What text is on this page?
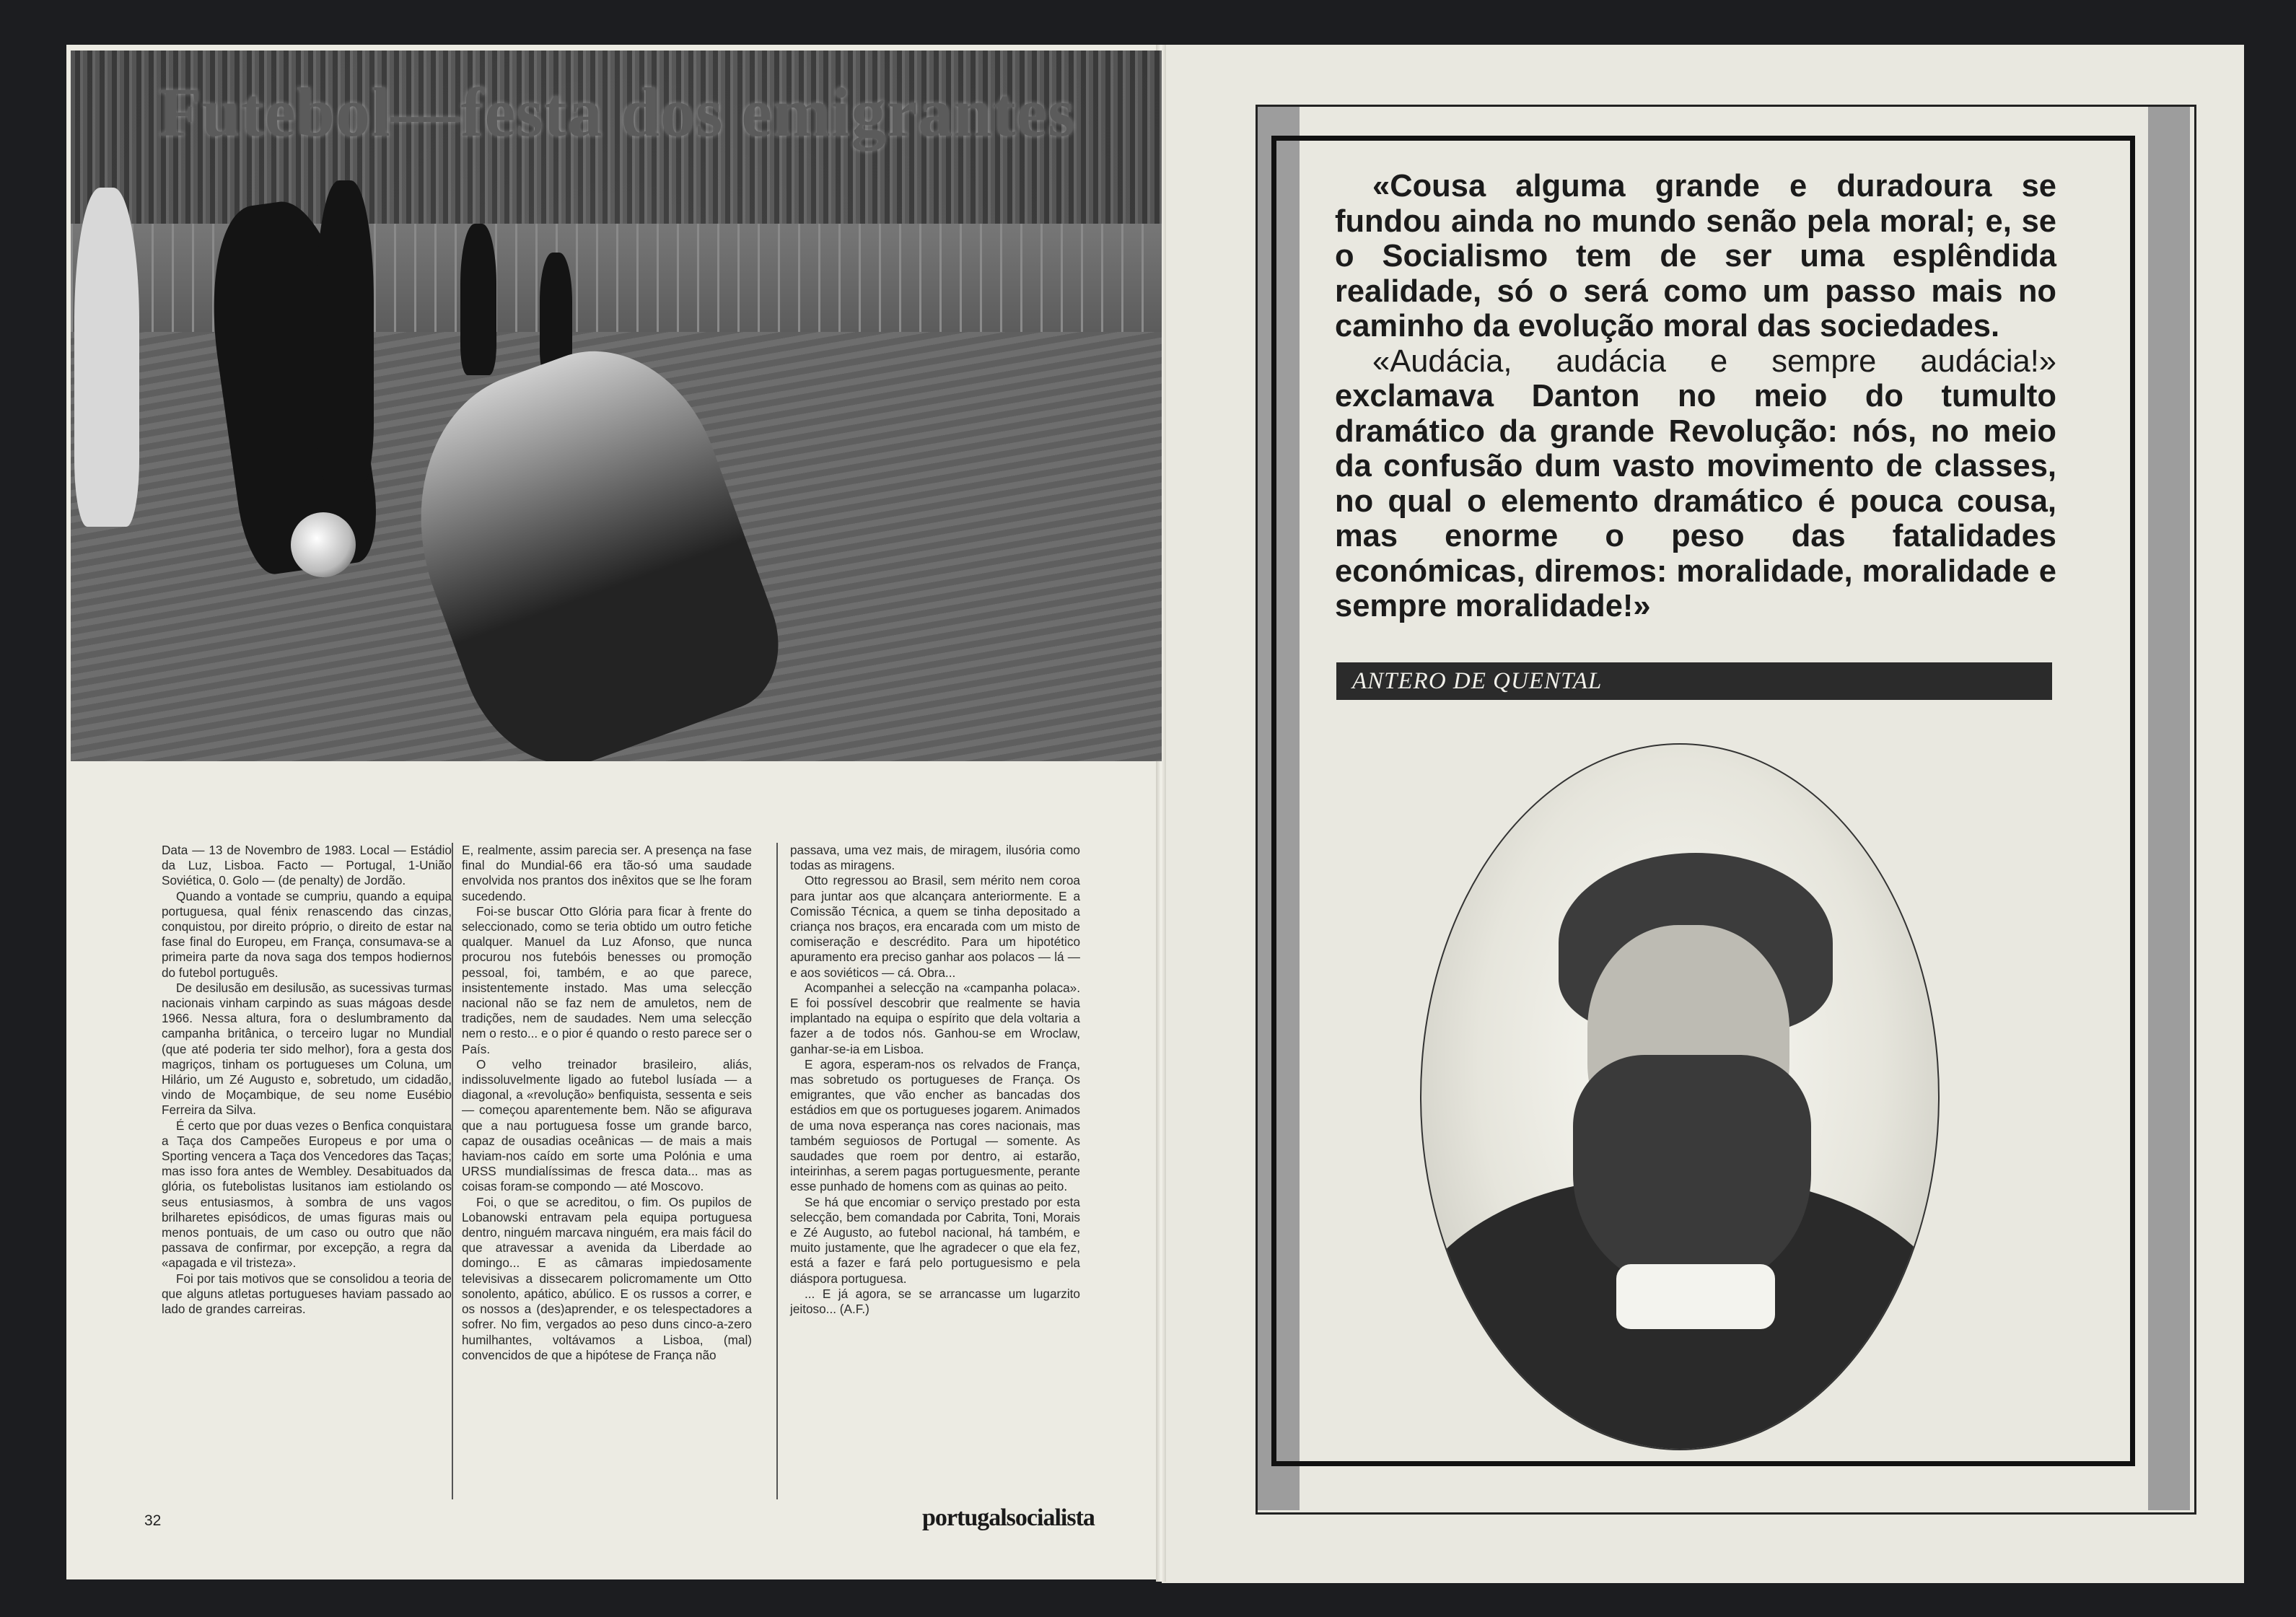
Futebol—festa dos emigrantes

Data — 13 de Novembro de 1983. Local — Estádio da Luz, Lisboa. Facto — Portugal, 1-União Soviética, 0. Golo — (de penalty) de Jordão.

Quando a vontade se cumpriu, quando a equipa portuguesa, qual fénix renascendo das cinzas, conquistou, por direito próprio, o direito de estar na fase final do Europeu, em França, consumava-se a primeira parte da nova saga dos tempos hodiernos do futebol português.

De desilusão em desilusão, as sucessivas turmas nacionais vinham carpindo as suas mágoas desde 1966. Nessa altura, fora o deslumbramento da campanha britânica, o terceiro lugar no Mundial (que até poderia ter sido melhor), fora a gesta dos magriços, tinham os portugueses um Coluna, um Hilário, um Zé Augusto e, sobretudo, um cidadão, vindo de Moçambique, de seu nome Eusébio Ferreira da Silva.

É certo que por duas vezes o Benfica conquistara a Taça dos Campeões Europeus e por uma o Sporting vencera a Taça dos Vencedores das Taças; mas isso fora antes de Wembley. Desabituados da glória, os futebolistas lusitanos iam estiolando os seus entusiasmos, à sombra de uns vagos brilharetes episódicos, de umas figuras mais ou menos pontuais, de um caso ou outro que não passava de confirmar, por excepção, a regra da «apagada e vil tristeza».

Foi por tais motivos que se consolidou a teoria de que alguns atletas portugueses haviam passado ao lado de grandes carreiras.

E, realmente, assim parecia ser. A presença na fase final do Mundial-66 era tão-só uma saudade envolvida nos prantos dos inêxitos que se lhe foram sucedendo.

Foi-se buscar Otto Glória para ficar à frente do seleccionado, como se teria obtido um outro fetiche qualquer. Manuel da Luz Afonso, que nunca procurou nos futebóis benesses ou promoção pessoal, foi, também, e ao que parece, insistentemente instado. Mas uma selecção nacional não se faz nem de amuletos, nem de tradições, nem de saudades. Nem uma selecção nem o resto... e o pior é quando o resto parece ser o País.

O velho treinador brasileiro, aliás, indissoluvelmente ligado ao futebol lusíada — a diagonal, a «revolução» benfiquista, sessenta e seis — começou aparentemente bem. Não se afigurava que a nau portuguesa fosse um grande barco, capaz de ousadias oceânicas — de mais a mais haviam-nos caído em sorte uma Polónia e uma URSS mundialíssimas de fresca data... mas as coisas foram-se compondo — até Moscovo.

Foi, o que se acreditou, o fim. Os pupilos de Lobanowski entravam pela equipa portuguesa dentro, ninguém marcava ninguém, era mais fácil do que atravessar a avenida da Liberdade ao domingo... E as câmaras impiedosamente televisivas a dissecarem policromamente um Otto sonolento, apático, abúlico. E os russos a correr, e os nossos a (des)aprender, e os telespectadores a sofrer. No fim, vergados ao peso duns cinco-a-zero humilhantes, voltávamos a Lisboa, (mal) convencidos de que a hipótese de França não

passava, uma vez mais, de miragem, ilusória como todas as miragens.

Otto regressou ao Brasil, sem mérito nem coroa para juntar aos que alcançara anteriormente. E a Comissão Técnica, a quem se tinha depositado a criança nos braços, era encarada com um misto de comiseração e descrédito. Para um hipotético apuramento era preciso ganhar aos polacos — lá — e aos soviéticos — cá. Obra...

Acompanhei a selecção na «campanha polaca». E foi possível descobrir que realmente se havia implantado na equipa o espírito que dela voltaria a fazer a de todos nós. Ganhou-se em Wroclaw, ganhar-se-ia em Lisboa.

E agora, esperam-nos os relvados de França, mas sobretudo os portugueses de França. Os emigrantes, que vão encher as bancadas dos estádios em que os portugueses jogarem. Animados de uma nova esperança nas cores nacionais, mas também seguiosos de Portugal — somente. As saudades que roem por dentro, ai estarão, inteirinhas, a serem pagas portuguesmente, perante esse punhado de homens com as quinas ao peito.

Se há que encomiar o serviço prestado por esta selecção, bem comandada por Cabrita, Toni, Morais e Zé Augusto, ao futebol nacional, há também, e muito justamente, que lhe agradecer o que ela fez, está a fazer e fará pelo portuguesismo e pela diáspora portuguesa.

... E já agora, se se arrancasse um lugarzito jeitoso... (A.F.)

32	portugalsocialista

«Cousa alguma grande e duradoura se fundou ainda no mundo senão pela moral; e, se o Socialismo tem de ser uma esplêndida realidade, só o será como um passo mais no caminho da evolução moral das sociedades.

«Audácia, audácia e sempre audácia!» exclamava Danton no meio do tumulto dramático da grande Revolução: nós, no meio da confusão dum vasto movimento de classes, no qual o elemento dramático é pouca cousa, mas enorme o peso das fatalidades económicas, diremos: moralidade, moralidade e sempre moralidade!»

ANTERO DE QUENTAL
